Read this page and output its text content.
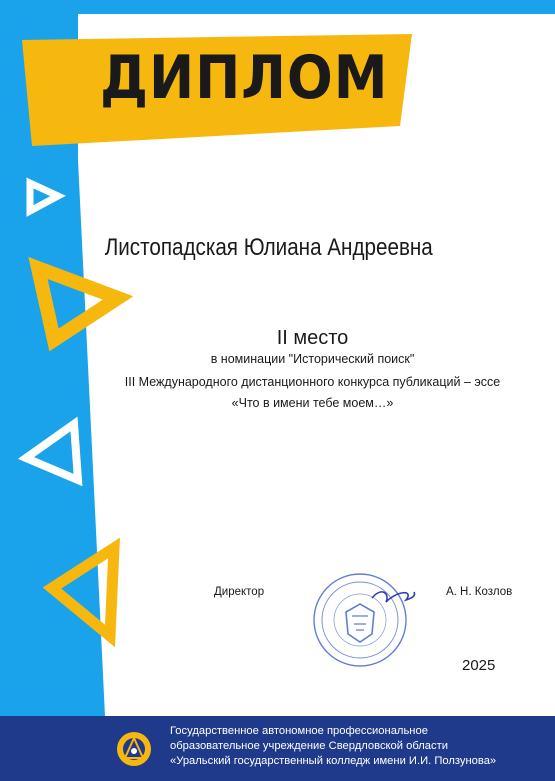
ДИПЛОМ
Листопадская Юлиана Андреевна
II место
в номинации "Исторический поиск"
III Международного дистанционного конкурса публикаций – эссе
«Что в имени тебе моем…»
Директор	А. Н. Козлов
2025
Государственное автономное профессиональное
образовательное учреждение Свердловской области
«Уральский государственный колледж имени И.И. Ползунова»
